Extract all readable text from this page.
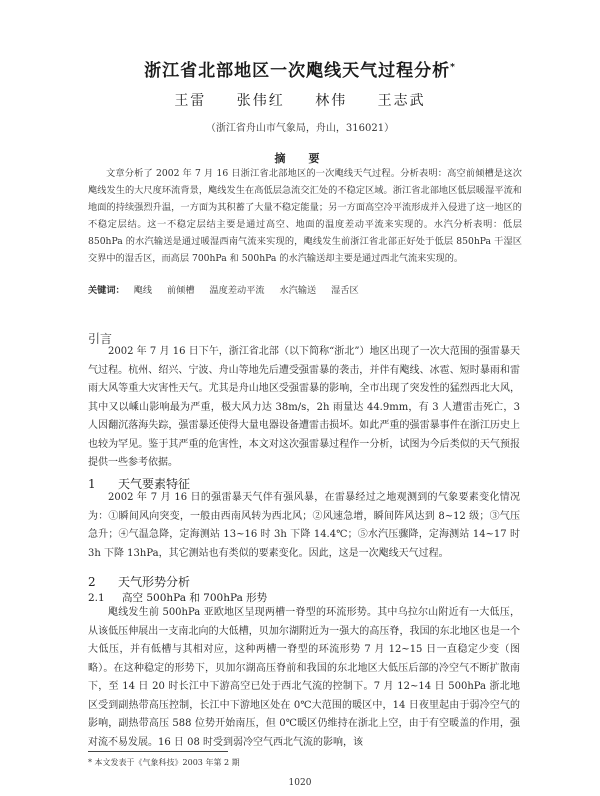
浙江省北部地区一次飑线天气过程分析*
王雷 张伟红 林伟 王志武
（浙江省舟山市气象局，舟山，316021）
摘　要

文章分析了 2002 年 7 月 16 日浙江省北部地区的一次飑线天气过程。分析表明：高空前倾槽是这次飑线发生的大尺度环流背景，飑线发生在高低层急流交汇处的不稳定区域。浙江省北部地区低层暖湿平流和地面的持续强烈升温，一方面为其积蓄了大量不稳定能量；另一方面高空冷平流形成并入侵进了这一地区的不稳定层结。这一不稳定层结主要是通过高空、地面的温度差动平流来实现的。水汽分析表明：低层 850hPa 的水汽输送是通过暖湿西南气流来实现的，飑线发生前浙江省北部正好处于低层 850hPa 干湿区交界中的湿舌区，而高层 700hPa 和 500hPa 的水汽输送却主要是通过西北气流来实现的。

关键词： 飑线 前倾槽 温度差动平流 水汽输送 湿舌区
引言

2002 年 7 月 16 日下午，浙江省北部（以下简称“浙北”）地区出现了一次大范围的强雷暴天气过程。杭州、绍兴、宁波、舟山等地先后遭受强雷暴的袭击，并伴有飑线、冰雹、短时暴雨和雷雨大风等重大灾害性天气。尤其是舟山地区受强雷暴的影响，全市出现了突发性的猛烈西北大风，其中又以嵊山影响最为严重，极大风力达 38m/s，2h 雨量达 44.9mm，有 3 人遭雷击死亡，3 人因翻沉落海失踪，强雷暴还使得大量电器设备遭雷击损坏。如此严重的强雷暴事件在浙江历史上也较为罕见。鉴于其严重的危害性，本文对这次强雷暴过程作一分析，试图为今后类似的天气预报提供一些参考依据。

1 天气要素特征

2002 年 7 月 16 日的强雷暴天气伴有强风暴，在雷暴经过之地观测到的气象要素变化情况为：①瞬间风向突变，一般由西南风转为西北风；②风速急增，瞬间阵风达到 8~12 级；③气压急升；④气温急降，定海测站 13~16 时 3h 下降 14.4℃；⑤水汽压骤降，定海测站 14~17 时 3h 下降 13hPa，其它测站也有类似的要素变化。因此，这是一次飑线天气过程。

2 天气形势分析
2.1 高空 500hPa 和 700hPa 形势

飑线发生前 500hPa 亚欧地区呈现两槽一脊型的环流形势。其中乌拉尔山附近有一大低压，从该低压伸展出一支南北向的大低槽，贝加尔湖附近为一强大的高压脊，我国的东北地区也是一个大低压，并有低槽与其相对应，这种两槽一脊型的环流形势 7 月 12~15 日一直稳定少变（图略）。在这种稳定的形势下，贝加尔湖高压脊前和我国的东北地区大低压后部的冷空气不断扩散南下，至 14 日 20 时长江中下游高空已处于西北气流的控制下。7 月 12~14 日 500hPa 浙北地区受到副热带高压控制，长江中下游地区处在 0℃大范围的暖区中，14 日夜里起由于弱冷空气的影响，副热带高压 588 位势开始南压，但 0℃暖区仍维持在浙北上空，由于有空暖盖的作用，强对流不易发展。16 日 08 时受到弱冷空气西北气流的影响，该

* 本文发表于《气象科技》2003 年第 2 期
1020
